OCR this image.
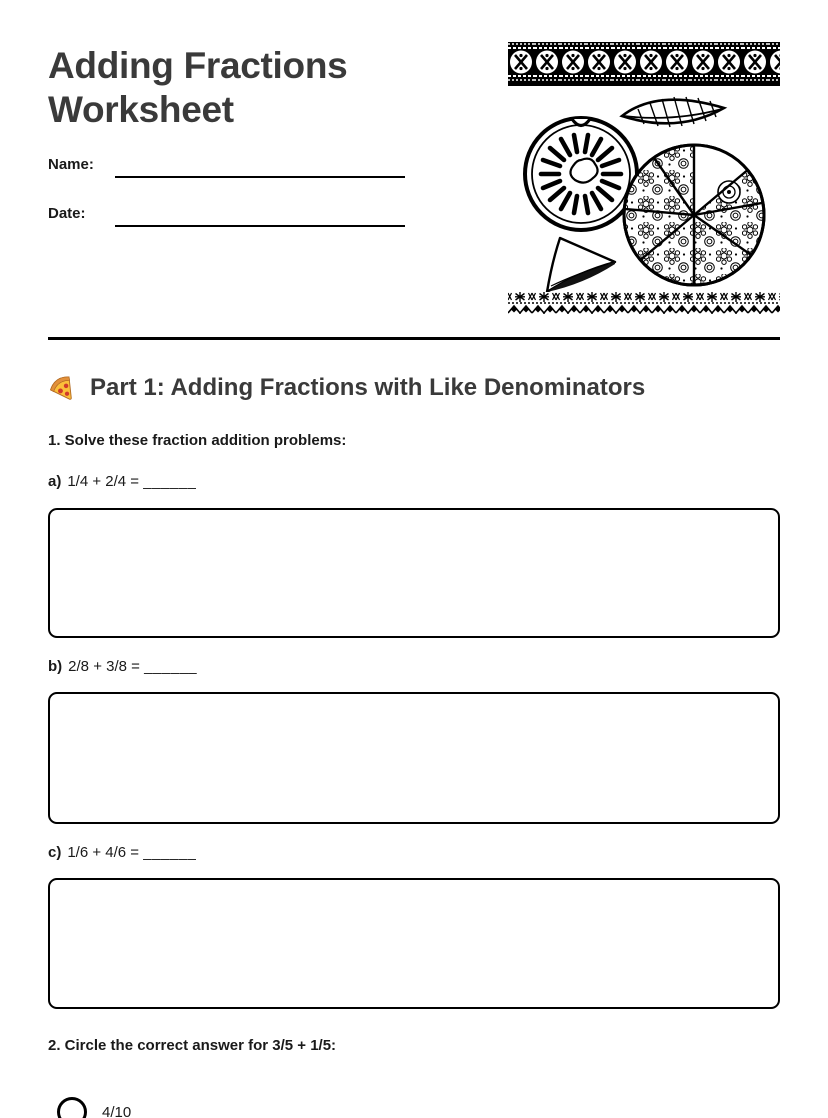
Adding Fractions Worksheet
Name:
Date:
Part 1: Adding Fractions with Like Denominators
1. Solve these fraction addition problems:
a) 1/4 + 2/4 = ______
b) 2/8 + 3/8 = ______
c) 1/6 + 4/6 = ______
2. Circle the correct answer for 3/5 + 1/5:
4/10
